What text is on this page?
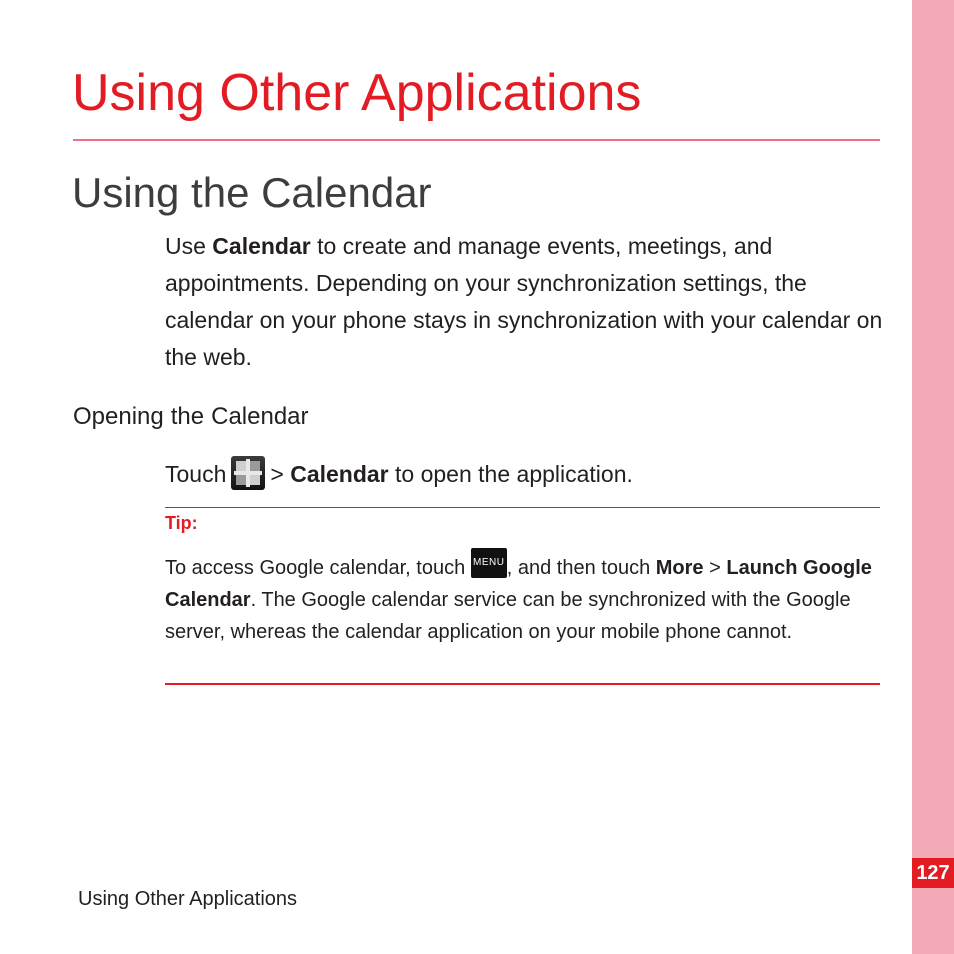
127
Using Other Applications
Using the Calendar

Use Calendar to create and manage events, meetings, and appointments. Depending on your synchronization settings, the calendar on your phone stays in synchronization with your calendar on the web.

Opening the Calendar

Touch > Calendar to open the application.

Tip:

To access Google calendar, touch MENU , and then touch More > Launch Google Calendar. The Google calendar service can be synchronized with the Google server, whereas the calendar application on your mobile phone cannot.

Using Other Applications
